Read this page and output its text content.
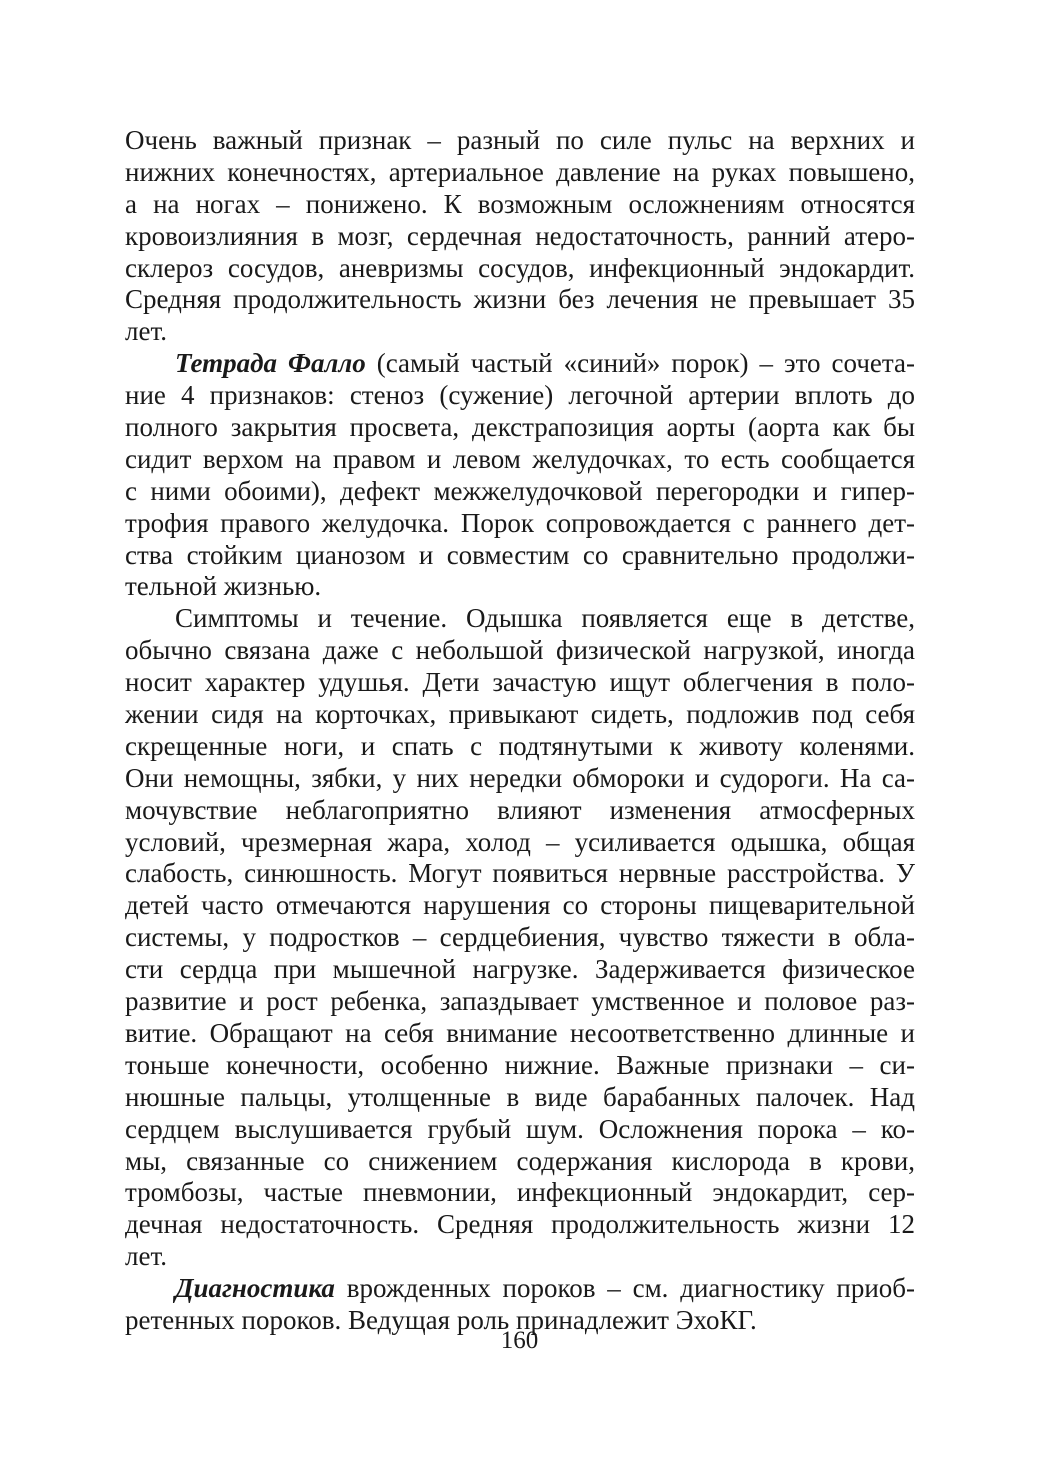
Очень важный признак – разный по силе пульс на верхних и
нижних конечностях, артериальное давление на руках повышено,
а на ногах – понижено. К возможным осложнениям относятся
кровоизлияния в мозг, сердечная недостаточность, ранний атеро-
склероз сосудов, аневризмы сосудов, инфекционный эндокардит.
Средняя продолжительность жизни без лечения не превышает 35
лет.
Тетрада Фалло (самый частый «синий» порок) – это сочета-
ние 4 признаков: стеноз (сужение) легочной артерии вплоть до
полного закрытия просвета, декстрапозиция аорты (аорта как бы
сидит верхом на правом и левом желудочках, то есть сообщается
с ними обоими), дефект межжелудочковой перегородки и гипер-
трофия правого желудочка. Порок сопровождается с раннего дет-
ства стойким цианозом и совместим со сравнительно продолжи-
тельной жизнью.
Симптомы и течение. Одышка появляется еще в детстве,
обычно связана даже с небольшой физической нагрузкой, иногда
носит характер удушья. Дети зачастую ищут облегчения в поло-
жении сидя на корточках, привыкают сидеть, подложив под себя
скрещенные ноги, и спать с подтянутыми к животу коленями.
Они немощны, зябки, у них нередки обмороки и судороги. На са-
мочувствие неблагоприятно влияют изменения атмосферных
условий, чрезмерная жара, холод – усиливается одышка, общая
слабость, синюшность. Могут появиться нервные расстройства. У
детей часто отмечаются нарушения со стороны пищеварительной
системы, у подростков – сердцебиения, чувство тяжести в обла-
сти сердца при мышечной нагрузке. Задерживается физическое
развитие и рост ребенка, запаздывает умственное и половое раз-
витие. Обращают на себя внимание несоответственно длинные и
тоньше конечности, особенно нижние. Важные признаки – си-
нюшные пальцы, утолщенные в виде барабанных палочек. Над
сердцем выслушивается грубый шум. Осложнения порока – ко-
мы, связанные со снижением содержания кислорода в крови,
тромбозы, частые пневмонии, инфекционный эндокардит, сер-
дечная недостаточность. Средняя продолжительность жизни 12
лет.
Диагностика врожденных пороков – см. диагностику приоб-
ретенных пороков. Ведущая роль принадлежит ЭхоКГ.
160
